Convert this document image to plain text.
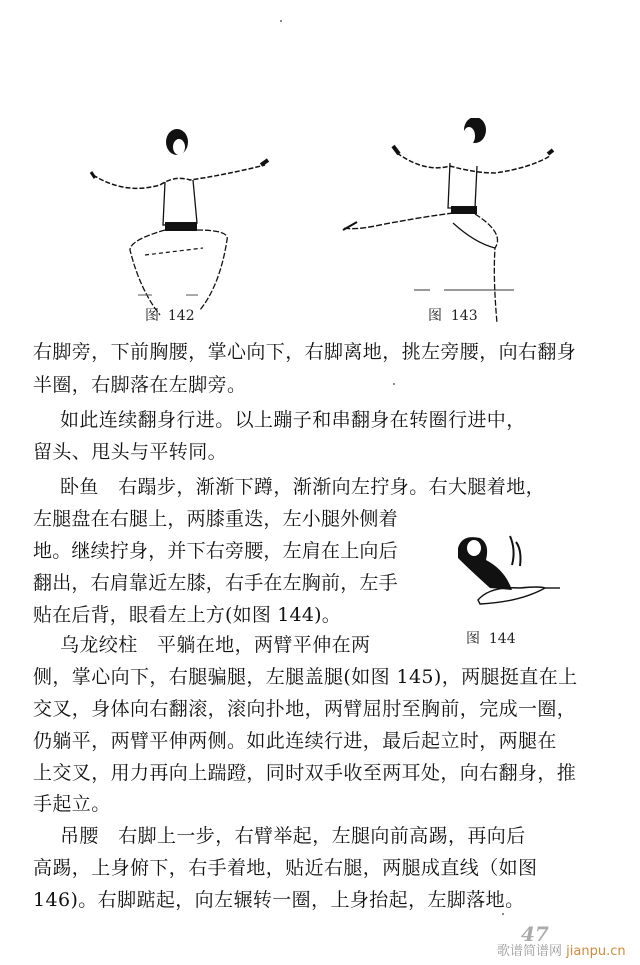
图  142	图  143
图  144
右脚旁，下前胸腰，掌心向下，右脚离地，挑左旁腰，向右翻身
半圈，右脚落在左脚旁。
如此连续翻身行进。以上蹦子和串翻身在转圈行进中，
留头、甩头与平转同。
卧鱼　右蹋步，渐渐下蹲，渐渐向左拧身。右大腿着地，
左腿盘在右腿上，两膝重迭，左小腿外侧着
地。继续拧身，并下右旁腰，左肩在上向后
翻出，右肩靠近左膝，右手在左胸前，左手
贴在后背，眼看左上方(如图 144)。
乌龙绞柱　平躺在地，两臂平伸在两
侧，掌心向下，右腿骗腿，左腿盖腿(如图 145)，两腿挺直在上
交叉，身体向右翻滚，滚向扑地，两臂屈肘至胸前，完成一圈，
仍躺平，两臂平伸两侧。如此连续行进，最后起立时，两腿在
上交叉，用力再向上踹蹬，同时双手收至两耳处，向右翻身，推
手起立。
吊腰　右脚上一步，右臂举起，左腿向前高踢，再向后
高踢，上身俯下，右手着地，贴近右腿，两腿成直线（如图
146)。右脚踮起，向左辗转一圈，上身抬起，左脚落地。
47
歌谱简谱网 jianpu.cn
